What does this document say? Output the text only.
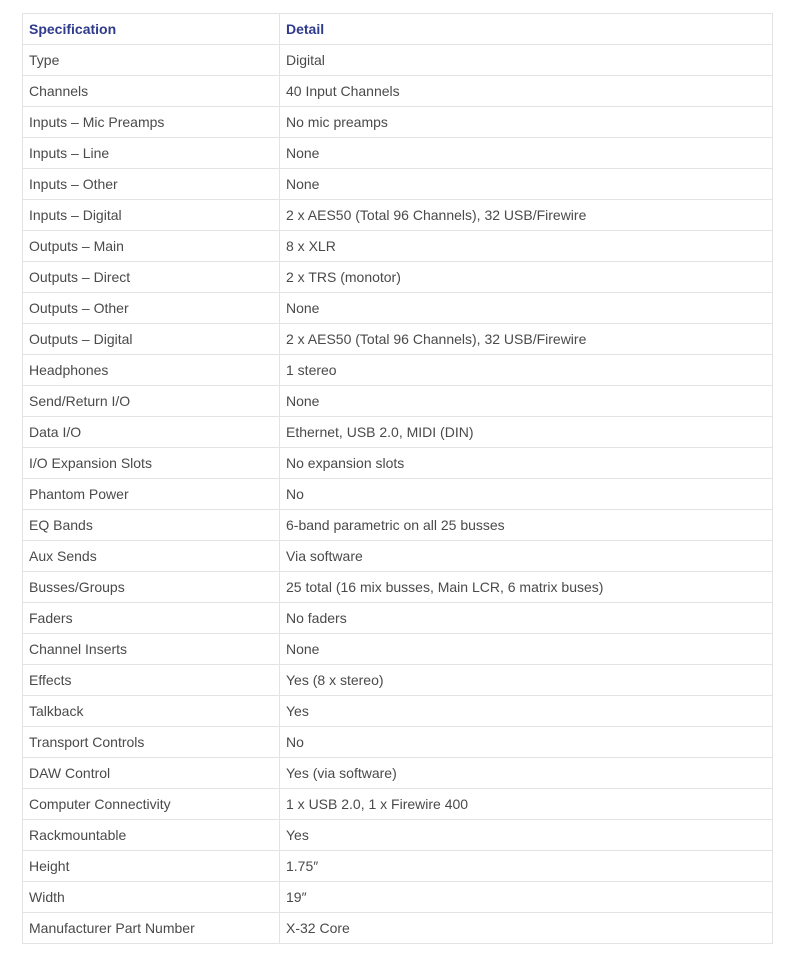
Specification	Detail
Type	Digital
Channels	40 Input Channels
Inputs – Mic Preamps	No mic preamps
Inputs – Line	None
Inputs – Other	None
Inputs – Digital	2 x AES50 (Total 96 Channels), 32 USB/Firewire
Outputs – Main	8 x XLR
Outputs – Direct	2 x TRS (monotor)
Outputs – Other	None
Outputs – Digital	2 x AES50 (Total 96 Channels), 32 USB/Firewire
Headphones	1 stereo
Send/Return I/O	None
Data I/O	Ethernet, USB 2.0, MIDI (DIN)
I/O Expansion Slots	No expansion slots
Phantom Power	No
EQ Bands	6-band parametric on all 25 busses
Aux Sends	Via software
Busses/Groups	25 total (16 mix busses, Main LCR, 6 matrix buses)
Faders	No faders
Channel Inserts	None
Effects	Yes (8 x stereo)
Talkback	Yes
Transport Controls	No
DAW Control	Yes (via software)
Computer Connectivity	1 x USB 2.0, 1 x Firewire 400
Rackmountable	Yes
Height	1.75″
Width	19″
Manufacturer Part Number	X-32 Core
